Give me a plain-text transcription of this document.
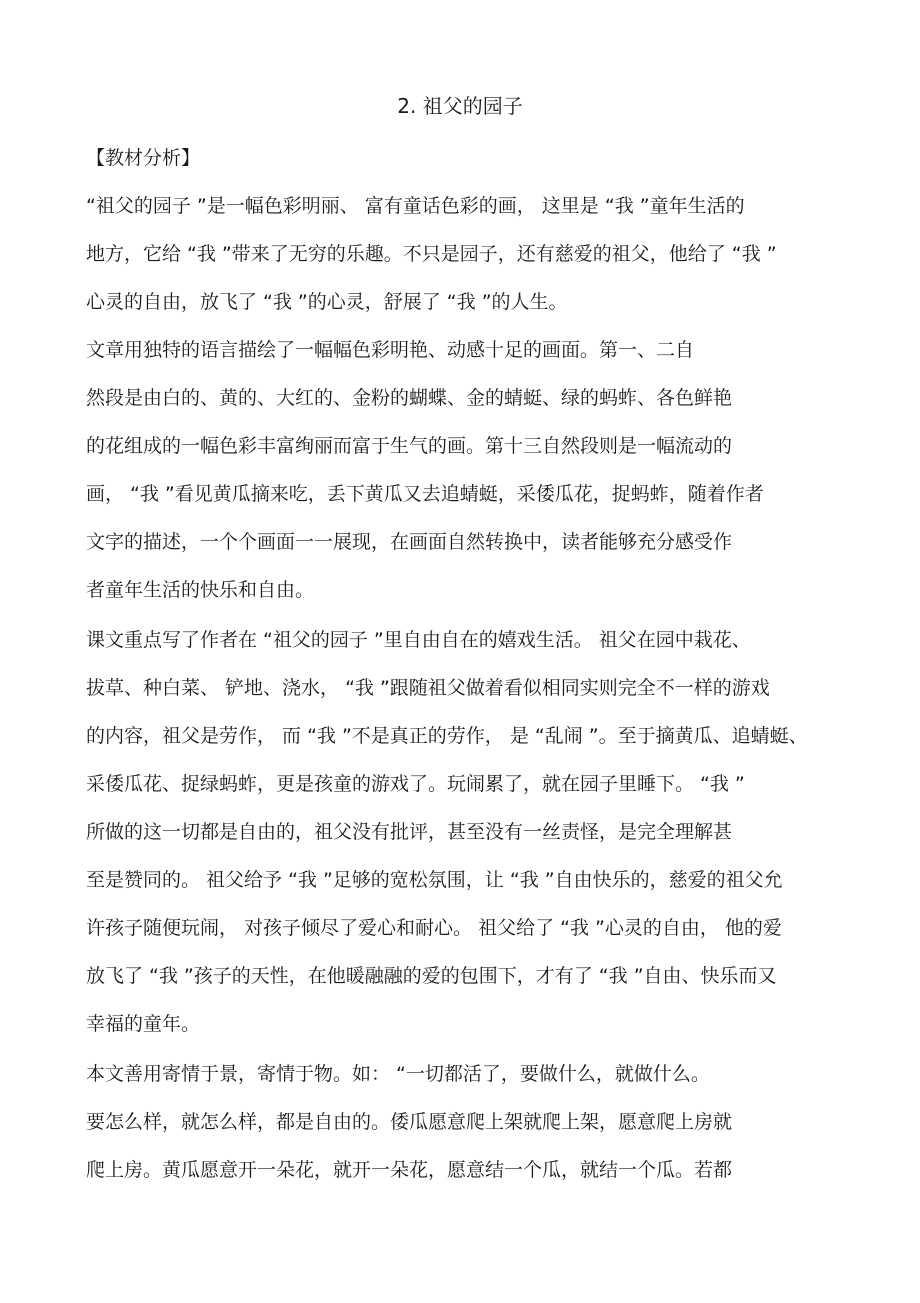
2. 祖父的园子
【教材分析】
“祖父的园子 ”是一幅色彩明丽、 富有童话色彩的画， 这里是 “我 ”童年生活的
地方，它给 “我 ”带来了无穷的乐趣。不只是园子，还有慈爱的祖父，他给了 “我 ”
心灵的自由，放飞了 “我 ”的心灵，舒展了 “我 ”的人生。
文章用独特的语言描绘了一幅幅色彩明艳、动感十足的画面。第一、二自
然段是由白的、黄的、大红的、金粉的蝴蝶、金的蜻蜓、绿的蚂蚱、各色鲜艳
的花组成的一幅色彩丰富绚丽而富于生气的画。第十三自然段则是一幅流动的
画， “我 ”看见黄瓜摘来吃，丢下黄瓜又去追蜻蜓，采倭瓜花，捉蚂蚱，随着作者
文字的描述，一个个画面一一展现，在画面自然转换中，读者能够充分感受作
者童年生活的快乐和自由。
课文重点写了作者在 “祖父的园子 ”里自由自在的嬉戏生活。 祖父在园中栽花、
拔草、种白菜、 铲地、浇水， “我 ”跟随祖父做着看似相同实则完全不一样的游戏
的内容，祖父是劳作， 而 “我 ”不是真正的劳作， 是 “乱闹 ”。至于摘黄瓜、追蜻蜓、
采倭瓜花、捉绿蚂蚱，更是孩童的游戏了。玩闹累了，就在园子里睡下。 “我 ”
所做的这一切都是自由的，祖父没有批评，甚至没有一丝责怪，是完全理解甚
至是赞同的。 祖父给予 “我 ”足够的宽松氛围，让 “我 ”自由快乐的，慈爱的祖父允
许孩子随便玩闹， 对孩子倾尽了爱心和耐心。 祖父给了 “我 ”心灵的自由， 他的爱
放飞了 “我 ”孩子的天性，在他暖融融的爱的包围下，才有了 “我 ”自由、快乐而又
幸福的童年。
本文善用寄情于景，寄情于物。如： “一切都活了，要做什么，就做什么。
要怎么样，就怎么样，都是自由的。倭瓜愿意爬上架就爬上架，愿意爬上房就
爬上房。黄瓜愿意开一朵花，就开一朵花，愿意结一个瓜，就结一个瓜。若都
